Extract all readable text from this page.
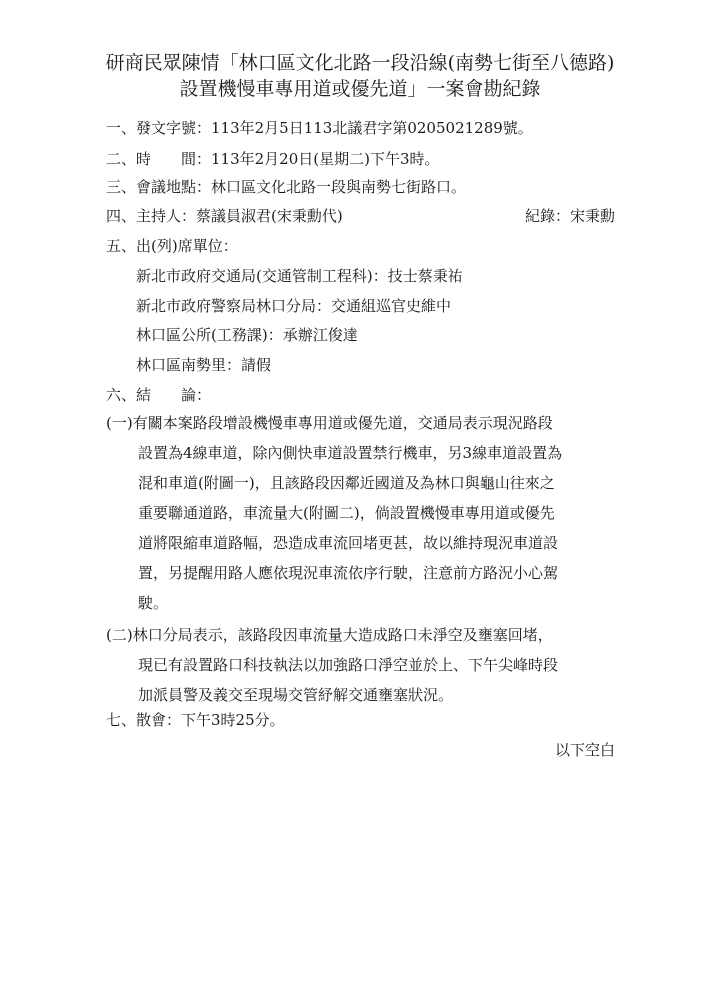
研商民眾陳情「林口區文化北路一段沿線(南勢七街至八德路)
設置機慢車專用道或優先道」一案會勘紀錄
一、發文字號：113年2月5日113北議君字第0205021289號。
二、時　　間：113年2月20日(星期二)下午3時。
三、會議地點：林口區文化北路一段與南勢七街路口。
四、主持人：蔡議員淑君(宋秉勳代)	紀錄：宋秉勳
五、出(列)席單位：
新北市政府交通局(交通管制工程科)：技士蔡秉祐
新北市政府警察局林口分局：交通組巡官史維中
林口區公所(工務課)：承辦江俊達
林口區南勢里：請假
六、結　　論：
(一)有關本案路段增設機慢車專用道或優先道，交通局表示現況路段
設置為4線車道，除內側快車道設置禁行機車，另3線車道設置為
混和車道(附圖一)，且該路段因鄰近國道及為林口與龜山往來之
重要聯通道路，車流量大(附圖二)，倘設置機慢車專用道或優先
道將限縮車道路幅，恐造成車流回堵更甚，故以維持現況車道設
置，另提醒用路人應依現況車流依序行駛，注意前方路況小心駕
駛。
(二)林口分局表示，該路段因車流量大造成路口未淨空及壅塞回堵，
現已有設置路口科技執法以加強路口淨空並於上、下午尖峰時段
加派員警及義交至現場交管紓解交通壅塞狀況。
七、散會：下午3時25分。
以下空白
